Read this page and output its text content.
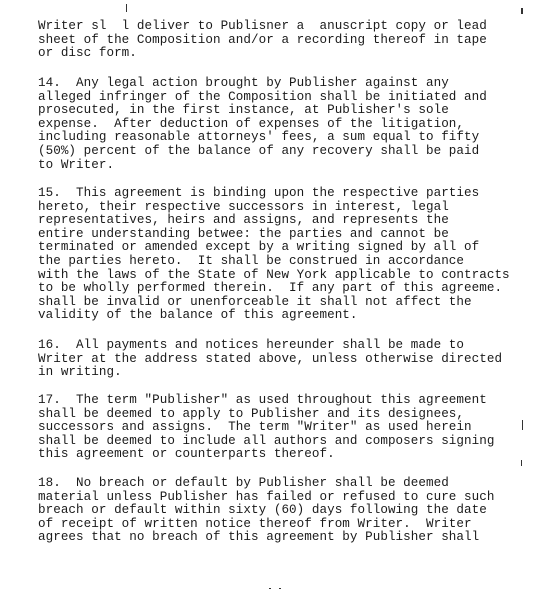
Writer sl  l deliver to Publisner a  anuscript copy or lead
sheet of the Composition and/or a recording thereof in tape
or disc form.
14.  Any legal action brought by Publisher against any
alleged infringer of the Composition shall be initiated and
prosecuted, in the first instance, at Publisher's sole
expense.  After deduction of expenses of the litigation,
including reasonable attorneys' fees, a sum equal to fifty
(50%) percent of the balance of any recovery shall be paid
to Writer.
15.  This agreement is binding upon the respective parties
hereto, their respective successors in interest, legal
representatives, heirs and assigns, and represents the
entire understanding betwee: the parties and cannot be
terminated or amended except by a writing signed by all of
the parties hereto.  It shall be construed in accordance
with the laws of the State of New York applicable to contracts
to be wholly performed therein.  If any part of this agreeme.
shall be invalid or unenforceable it shall not affect the
validity of the balance of this agreement.
16.  All payments and notices hereunder shall be made to
Writer at the address stated above, unless otherwise directed
in writing.
17.  The term "Publisher" as used throughout this agreement
shall be deemed to apply to Publisher and its designees,
successors and assigns.  The term "Writer" as used herein
shall be deemed to include all authors and composers signing
this agreement or counterparts thereof.
18.  No breach or default by Publisher shall be deemed
material unless Publisher has failed or refused to cure such
breach or default within sixty (60) days following the date
of receipt of written notice thereof from Writer.  Writer
agrees that no breach of this agreement by Publisher shall
